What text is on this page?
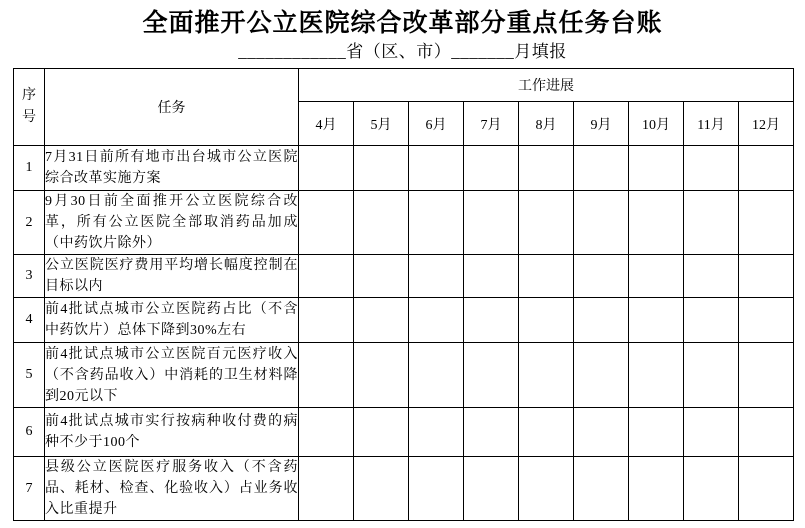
全面推开公立医院综合改革部分重点任务台账
____________省（区、市）_______月填报
序号	任务	工作进展								
		4月	5月	6月	7月	8月	9月	10月	11月	12月
1	7月31日前所有地市出台城市公立医院综合改革实施方案									
2	9月30日前全面推开公立医院综合改革，所有公立医院全部取消药品加成（中药饮片除外）									
3	公立医院医疗费用平均增长幅度控制在目标以内									
4	前4批试点城市公立医院药占比（不含中药饮片）总体下降到30%左右									
5	前4批试点城市公立医院百元医疗收入（不含药品收入）中消耗的卫生材料降到20元以下									
6	前4批试点城市实行按病种收付费的病种不少于100个									
7	县级公立医院医疗服务收入（不含药品、耗材、检查、化验收入）占业务收入比重提升									
